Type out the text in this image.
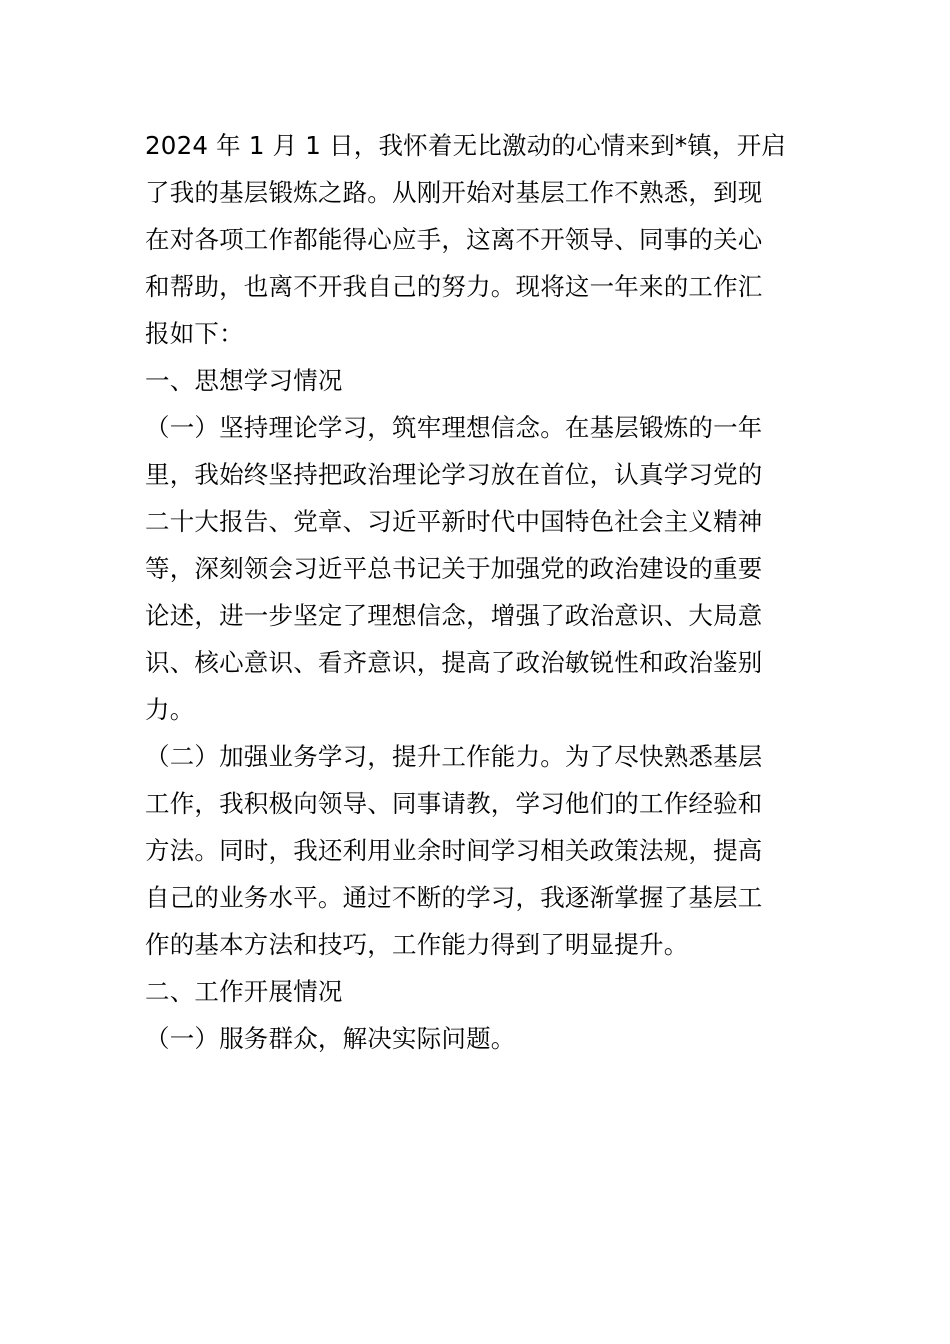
2024 年 1 月 1 日，我怀着无比激动的心情来到*镇，开启
了我的基层锻炼之路。从刚开始对基层工作不熟悉，到现
在对各项工作都能得心应手，这离不开领导、同事的关心
和帮助，也离不开我自己的努力。现将这一年来的工作汇
报如下：
一、思想学习情况
（一）坚持理论学习，筑牢理想信念。在基层锻炼的一年
里，我始终坚持把政治理论学习放在首位，认真学习党的
二十大报告、党章、习近平新时代中国特色社会主义精神
等，深刻领会习近平总书记关于加强党的政治建设的重要
论述，进一步坚定了理想信念，增强了政治意识、大局意
识、核心意识、看齐意识，提高了政治敏锐性和政治鉴别
力。
（二）加强业务学习，提升工作能力。为了尽快熟悉基层
工作，我积极向领导、同事请教，学习他们的工作经验和
方法。同时，我还利用业余时间学习相关政策法规，提高
自己的业务水平。通过不断的学习，我逐渐掌握了基层工
作的基本方法和技巧，工作能力得到了明显提升。
二、工作开展情况
（一）服务群众，解决实际问题。
